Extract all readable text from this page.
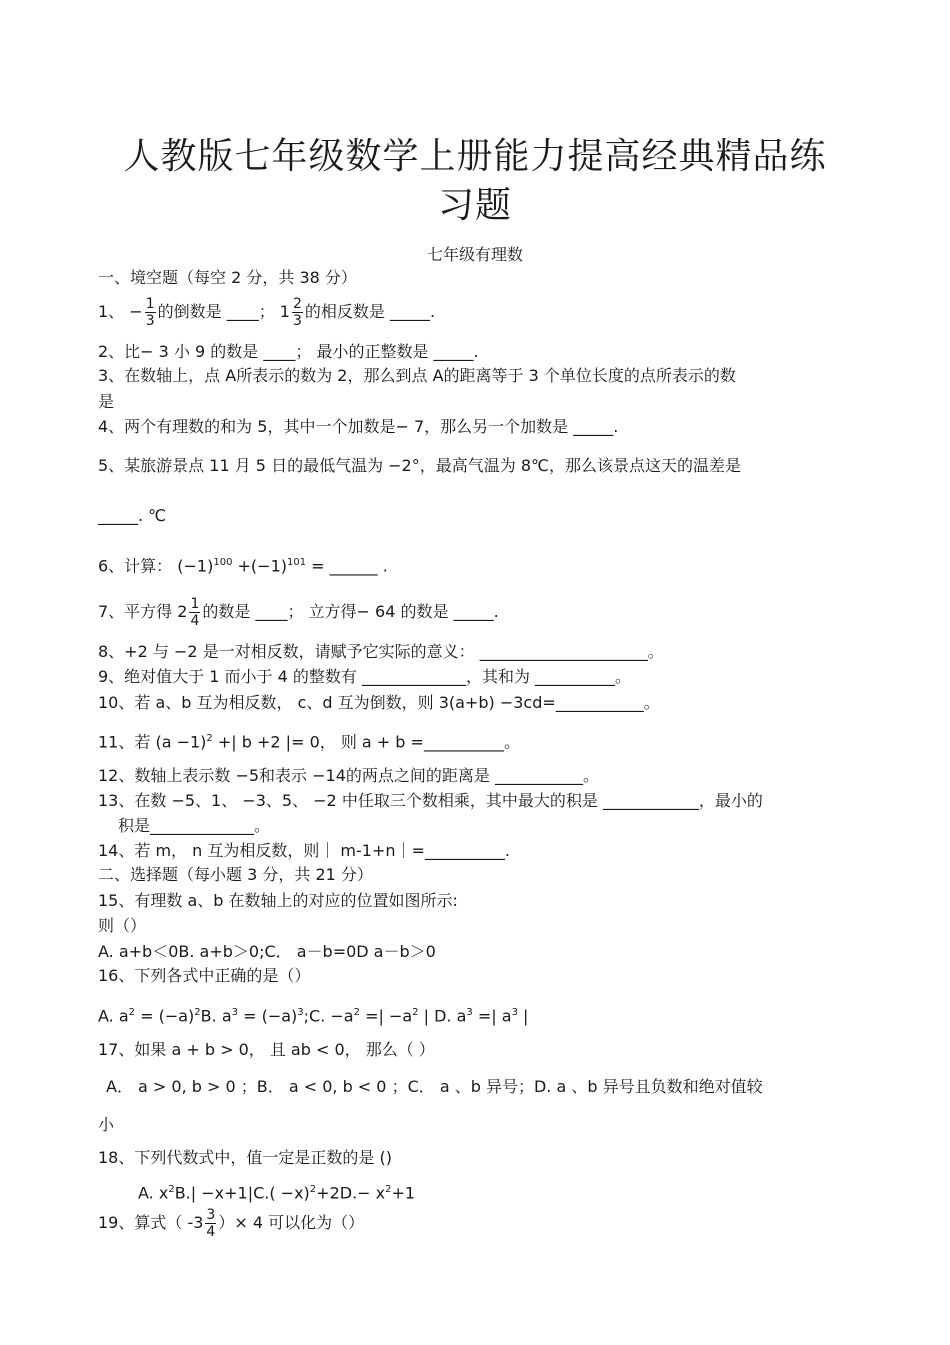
人教版七年级数学上册能力提高经典精品练
习题
七年级有理数
一、境空题（每空 2 分，共 38 分）
1、 − $\frac{1}{3}$ 的倒数是 ____； $1 \frac{2}{3}$ 的相反数是 _____.
2、比− 3 小 9 的数是 ____； 最小的正整数是 _____.
3、在数轴上，点 A所表示的数为 2，那么到点 A的距离等于 3 个单位长度的点所表示的数
是
4、两个有理数的和为 5，其中一个加数是− 7，那么另一个加数是 _____.
5、某旅游景点 11 月 5 日的最低气温为 −2°，最高气温为 8℃，那么该景点这天的温差是
_____. ℃
6、计算： $(-1)^{100} +(-1)^{101}$ = ______ .
7、平方得 $2 \frac{1}{4}$ 的数是 ____； 立方得− 64 的数是 _____.
8、+2 与 −2 是一对相反数，请赋予它实际的意义： _____________________。
9、绝对值大于 1 而小于 4 的整数有 _____________，其和为 __________。
10、若 a、b 互为相反数， c、d 互为倒数，则 3(a+b) −3cd=___________。
11、若 $(a -1)^2$ +| b +2 |= 0， 则 a + b =__________。
12、数轴上表示数 −5和表示 −14的两点之间的距离是 ___________。
13、在数 −5、1、 −3、5、 −2 中任取三个数相乘，其中最大的积是 ____________，最小的
积是_____________。
14、若 m， n 互为相反数，则｜ m-1+n｜=__________.
二、选择题（每小题 3 分，共 21 分）
15、有理数 a、b 在数轴上的对应的位置如图所示:
则（）
A. a+b＜0B. a+b＞0;C． a－b=0D a－b＞0
16、下列各式中正确的是（）
A. $a^2 = (-a)^2B$. $a^3$ = $(-a)^3;C$. $-a^2$ =| $-a^2$ | D. $a^3$ =| $a^3$ |
17、如果 a + b > 0， 且 ab < 0， 那么（ ）
A． a > 0, b > 0 ；B． a < 0, b < 0 ；C． a 、b 异号；D. a 、b 异号且负数和绝对值较
小
18、下列代数式中，值一定是正数的是 ()
A. $x^2B.| -x+1|C.( -x)^2+2D.- x^2+1$
19、算式（ $-3 \frac{3}{4}$ ）× 4 可以化为（）
